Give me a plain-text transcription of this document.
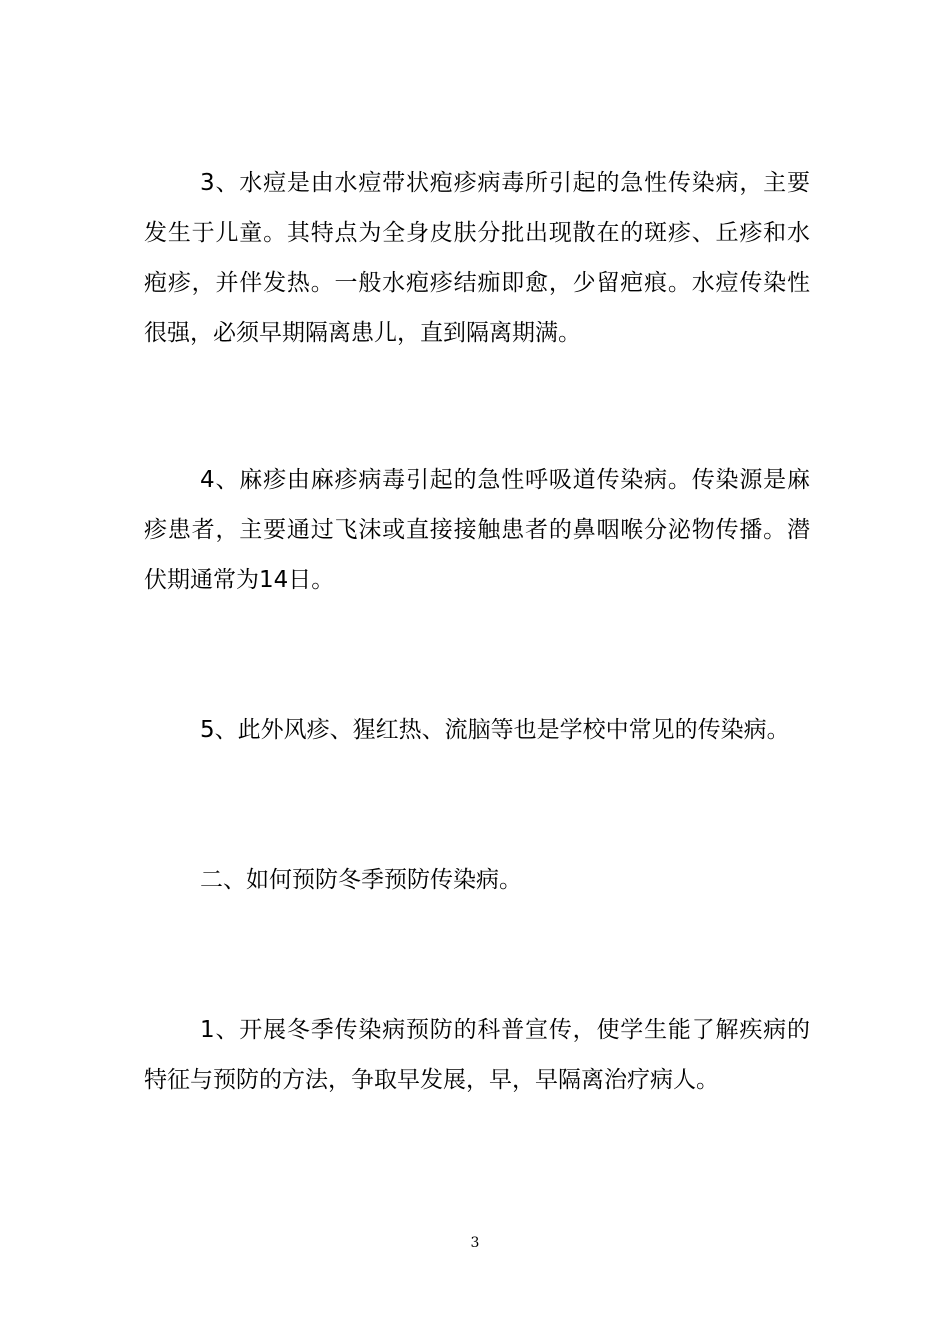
3、水痘是由水痘带状疱疹病毒所引起的急性传染病，主要发生于儿童。其特点为全身皮肤分批出现散在的斑疹、丘疹和水疱疹，并伴发热。一般水疱疹结痂即愈，少留疤痕。水痘传染性很强，必须早期隔离患儿，直到隔离期满。

4、麻疹由麻疹病毒引起的急性呼吸道传染病。传染源是麻疹患者，主要通过飞沫或直接接触患者的鼻咽喉分泌物传播。潜伏期通常为14日。

5、此外风疹、猩红热、流脑等也是学校中常见的传染病。

二、如何预防冬季预防传染病。

1、开展冬季传染病预防的科普宣传，使学生能了解疾病的特征与预防的方法，争取早发展，早，早隔离治疗病人。

3
